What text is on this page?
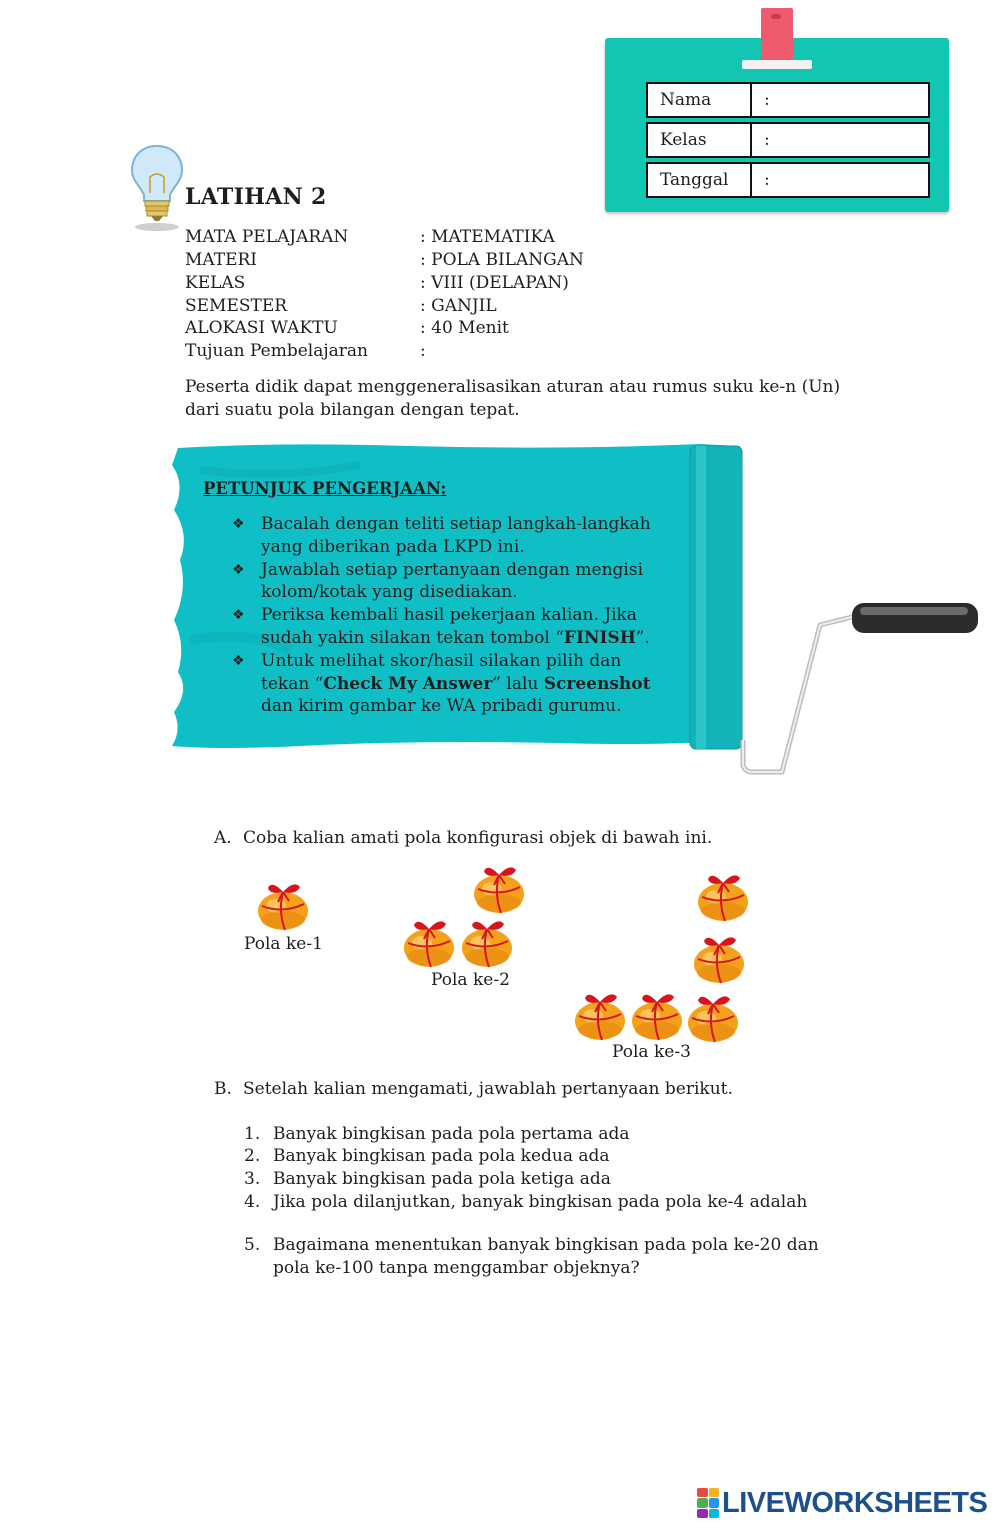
Nama	:
Kelas	:
Tanggal	:
LATIHAN 2
MATA PELAJARAN	: MATEMATIKA
MATERI	: POLA BILANGAN
KELAS	: VIII (DELAPAN)
SEMESTER	: GANJIL
ALOKASI WAKTU	: 40 Menit
Tujuan Pembelajaran	:
Peserta didik dapat menggeneralisasikan aturan atau rumus suku ke-n (Un) dari suatu pola bilangan dengan tepat.
PETUNJUK PENGERJAAN:
❖ Bacalah dengan teliti setiap langkah-langkah yang diberikan pada LKPD ini.
❖ Jawablah setiap pertanyaan dengan mengisi kolom/kotak yang disediakan.
❖ Periksa kembali hasil pekerjaan kalian. Jika sudah yakin silakan tekan tombol “FINISH”.
❖ Untuk melihat skor/hasil silakan pilih dan tekan “Check My Answer” lalu Screenshot dan kirim gambar ke WA pribadi gurumu.
A. Coba kalian amati pola konfigurasi objek di bawah ini.
Pola ke-1
Pola ke-2
Pola ke-3
B. Setelah kalian mengamati, jawablah pertanyaan berikut.
1. Banyak bingkisan pada pola pertama ada
2. Banyak bingkisan pada pola kedua ada
3. Banyak bingkisan pada pola ketiga ada
4. Jika pola dilanjutkan, banyak bingkisan pada pola ke-4 adalah
5. Bagaimana menentukan banyak bingkisan pada pola ke-20 dan pola ke-100 tanpa menggambar objeknya?
LIVEWORKSHEETS
